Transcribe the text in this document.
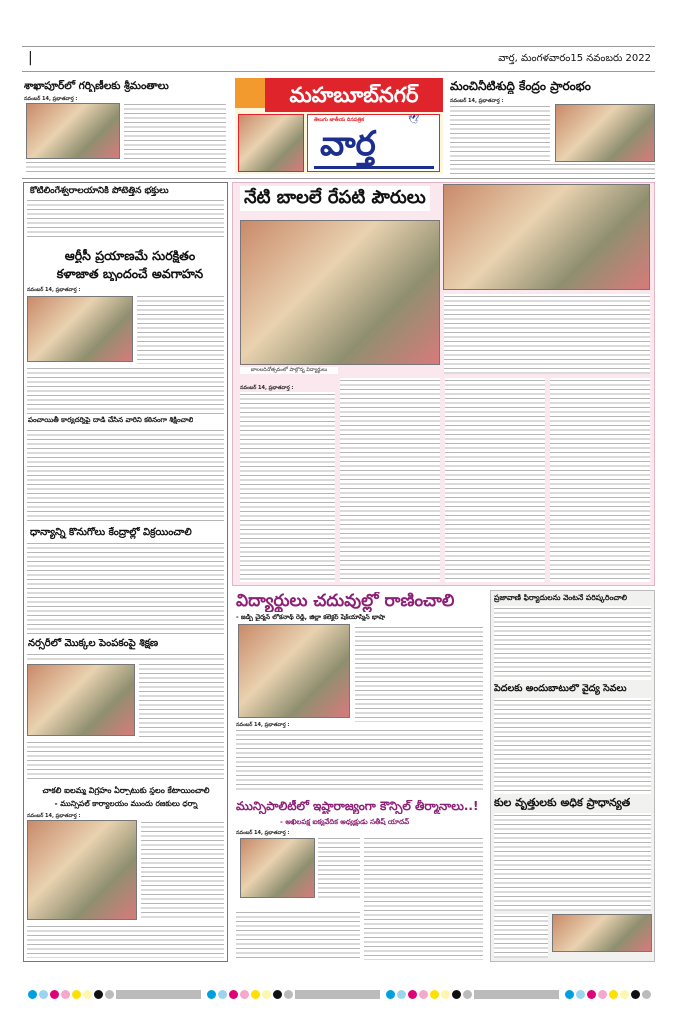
|	వార్త, మంగళవారం15 నవంబరు 2022
శాఖాపూర్‌లో గర్భిణీలకు శ్రీమంతాలు
నవంబర్ 14, ప్రభాతవార్త :	మహబూబ్‌నగర్
తెలుగు జాతీయ దినపత్రిక	🕊
వార్త
మంచినీటిశుద్ధి కేంద్రం ప్రారంభం
నవంబర్ 14, ప్రభాతవార్త :
కోటిలింగేశ్వరాలయానికి పోటెత్తిన భక్తులు
ఆర్టీసీ ప్రయాణమే సురక్షితం
కళాజాత బృందంచే అవగాహన
నవంబర్ 14, ప్రభాతవార్త :
పంచాయితీ కార్యదర్శిపై దాడి చేసిన వారిని కఠినంగా శిక్షించాలి
ధాన్యాన్ని కొనుగోలు కేంద్రాల్లో విక్రయించాలి
నర్సరీలో మొక్కల పెంపకంపై శిక్షణ
చాకలి ఐలమ్మ విగ్రహం ఏర్పాటుకు స్థలం కేటాయించాలి
- మున్సిపల్ కార్యాలయం ముందు రజకులు ధర్నా
నవంబర్ 14, ప్రభాతవార్త :
నేటి బాలలే రేపటి పౌరులు
బాలలదినోత్సవంలో పాల్గొన్న విద్యార్థులు
నవంబర్ 14, ప్రభాతవార్త :
విద్యార్థులు చదువుల్లో రాణించాలి
- జడ్పీ చైర్మన్ లోకనాథ్ రెడ్డి, జిల్లా కలెక్టర్ షేక్‌యాస్మిన్ భాషా
నవంబర్ 14, ప్రభాతవార్త :
మున్సిపాలిటీలో ఇష్టారాజ్యంగా కౌన్సిల్ తీర్మానాలు..!
- అఖిలపక్ష ఐక్యవేదిక అధ్యక్షుడు సతీష్ యాదవ్
నవంబర్ 14, ప్రభాతవార్త :
ప్రజావాణి ఫిర్యాదులను వెంటనే పరిష్కరించాలి
పేదలకు అందుబాటులో వైద్య సేవలు
కుల వృత్తులకు అధిక ప్రాధాన్యత
